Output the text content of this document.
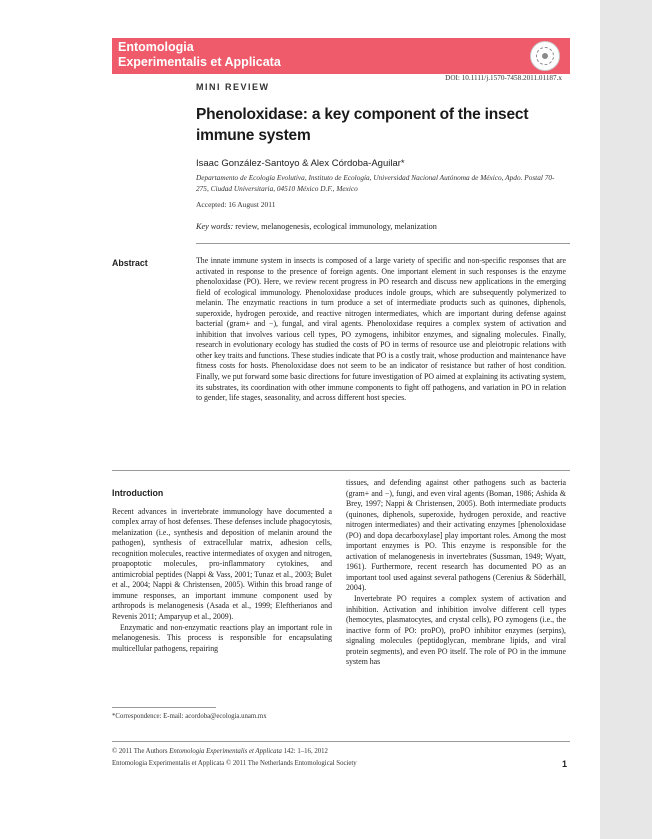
Entomologia
Experimentalis et Applicata
DOI: 10.1111/j.1570-7458.2011.01187.x
MINI REVIEW
Phenoloxidase: a key component of the insect immune system
Isaac González-Santoyo & Alex Córdoba-Aguilar*
Departamento de Ecología Evolutiva, Instituto de Ecología, Universidad Nacional Autónoma de México, Apdo. Postal 70-275, Ciudad Universitaria, 04510 México D.F., Mexico
Accepted: 16 August 2011
Key words: review, melanogenesis, ecological immunology, melanization
Abstract	The innate immune system in insects is composed of a large variety of specific and non-specific responses that are activated in response to the presence of foreign agents. One important element in such responses is the enzyme phenoloxidase (PO). Here, we review recent progress in PO research and discuss new applications in the emerging field of ecological immunology. Phenoloxidase produces indole groups, which are subsequently polymerized to melanin. The enzymatic reactions in turn produce a set of intermediate products such as quinones, diphenols, superoxide, hydrogen peroxide, and reactive nitrogen intermediates, which are important during defense against bacterial (gram+ and −), fungal, and viral agents. Phenoloxidase requires a complex system of activation and inhibition that involves various cell types, PO zymogens, inhibitor enzymes, and signaling molecules. Finally, research in evolutionary ecology has studied the costs of PO in terms of resource use and pleiotropic relations with other key traits and functions. These studies indicate that PO is a costly trait, whose production and maintenance have fitness costs for hosts. Phenoloxidase does not seem to be an indicator of resistance but rather of host condition. Finally, we put forward some basic directions for future investigation of PO aimed at explaining its activating system, its substrates, its coordination with other immune components to fight off pathogens, and variation in PO in relation to gender, life stages, seasonality, and across different host species.
Introduction

Recent advances in invertebrate immunology have documented a complex array of host defenses. These defenses include phagocytosis, melanization (i.e., synthesis and deposition of melanin around the pathogen), synthesis of extracellular matrix, adhesion cells, recognition molecules, reactive intermediates of oxygen and nitrogen, proapoptotic molecules, pro-inflammatory cytokines, and antimicrobial peptides (Nappi & Vass, 2001; Tunaz et al., 2003; Bulet et al., 2004; Nappi & Christensen, 2005). Within this broad range of immune responses, an important immune component used by arthropods is melanogenesis (Asada et al., 1999; Eleftherianos and Revenis 2011; Amparyup et al., 2009).

Enzymatic and non-enzymatic reactions play an important role in melanogenesis. This process is responsible for encapsulating multicellular pathogens, repairing

tissues, and defending against other pathogens such as bacteria (gram+ and −), fungi, and even viral agents (Boman, 1986; Ashida & Brey, 1997; Nappi & Christensen, 2005). Both intermediate products (quinones, diphenols, superoxide, hydrogen peroxide, and reactive nitrogen intermediates) and their activating enzymes [phenoloxidase (PO) and dopa decarboxylase] play important roles. Among the most important enzymes is PO. This enzyme is responsible for the activation of melanogenesis in invertebrates (Sussman, 1949; Wyatt, 1961). Furthermore, recent research has documented PO as an important tool used against several pathogens (Cerenius & Söderhäll, 2004).

Invertebrate PO requires a complex system of activation and inhibition. Activation and inhibition involve different cell types (hemocytes, plasmatocytes, and crystal cells), PO zymogens (i.e., the inactive form of PO: proPO), proPO inhibitor enzymes (serpins), signaling molecules (peptidoglycan, membrane lipids, and viral protein segments), and even PO itself. The role of PO in the immune system has

*Correspondence: E-mail: acordoba@ecologia.unam.mx
© 2011 The Authors Entomologia Experimentalis et Applicata 142: 1–16, 2012
Entomologia Experimentalis et Applicata © 2011 The Netherlands Entomological Society	1
